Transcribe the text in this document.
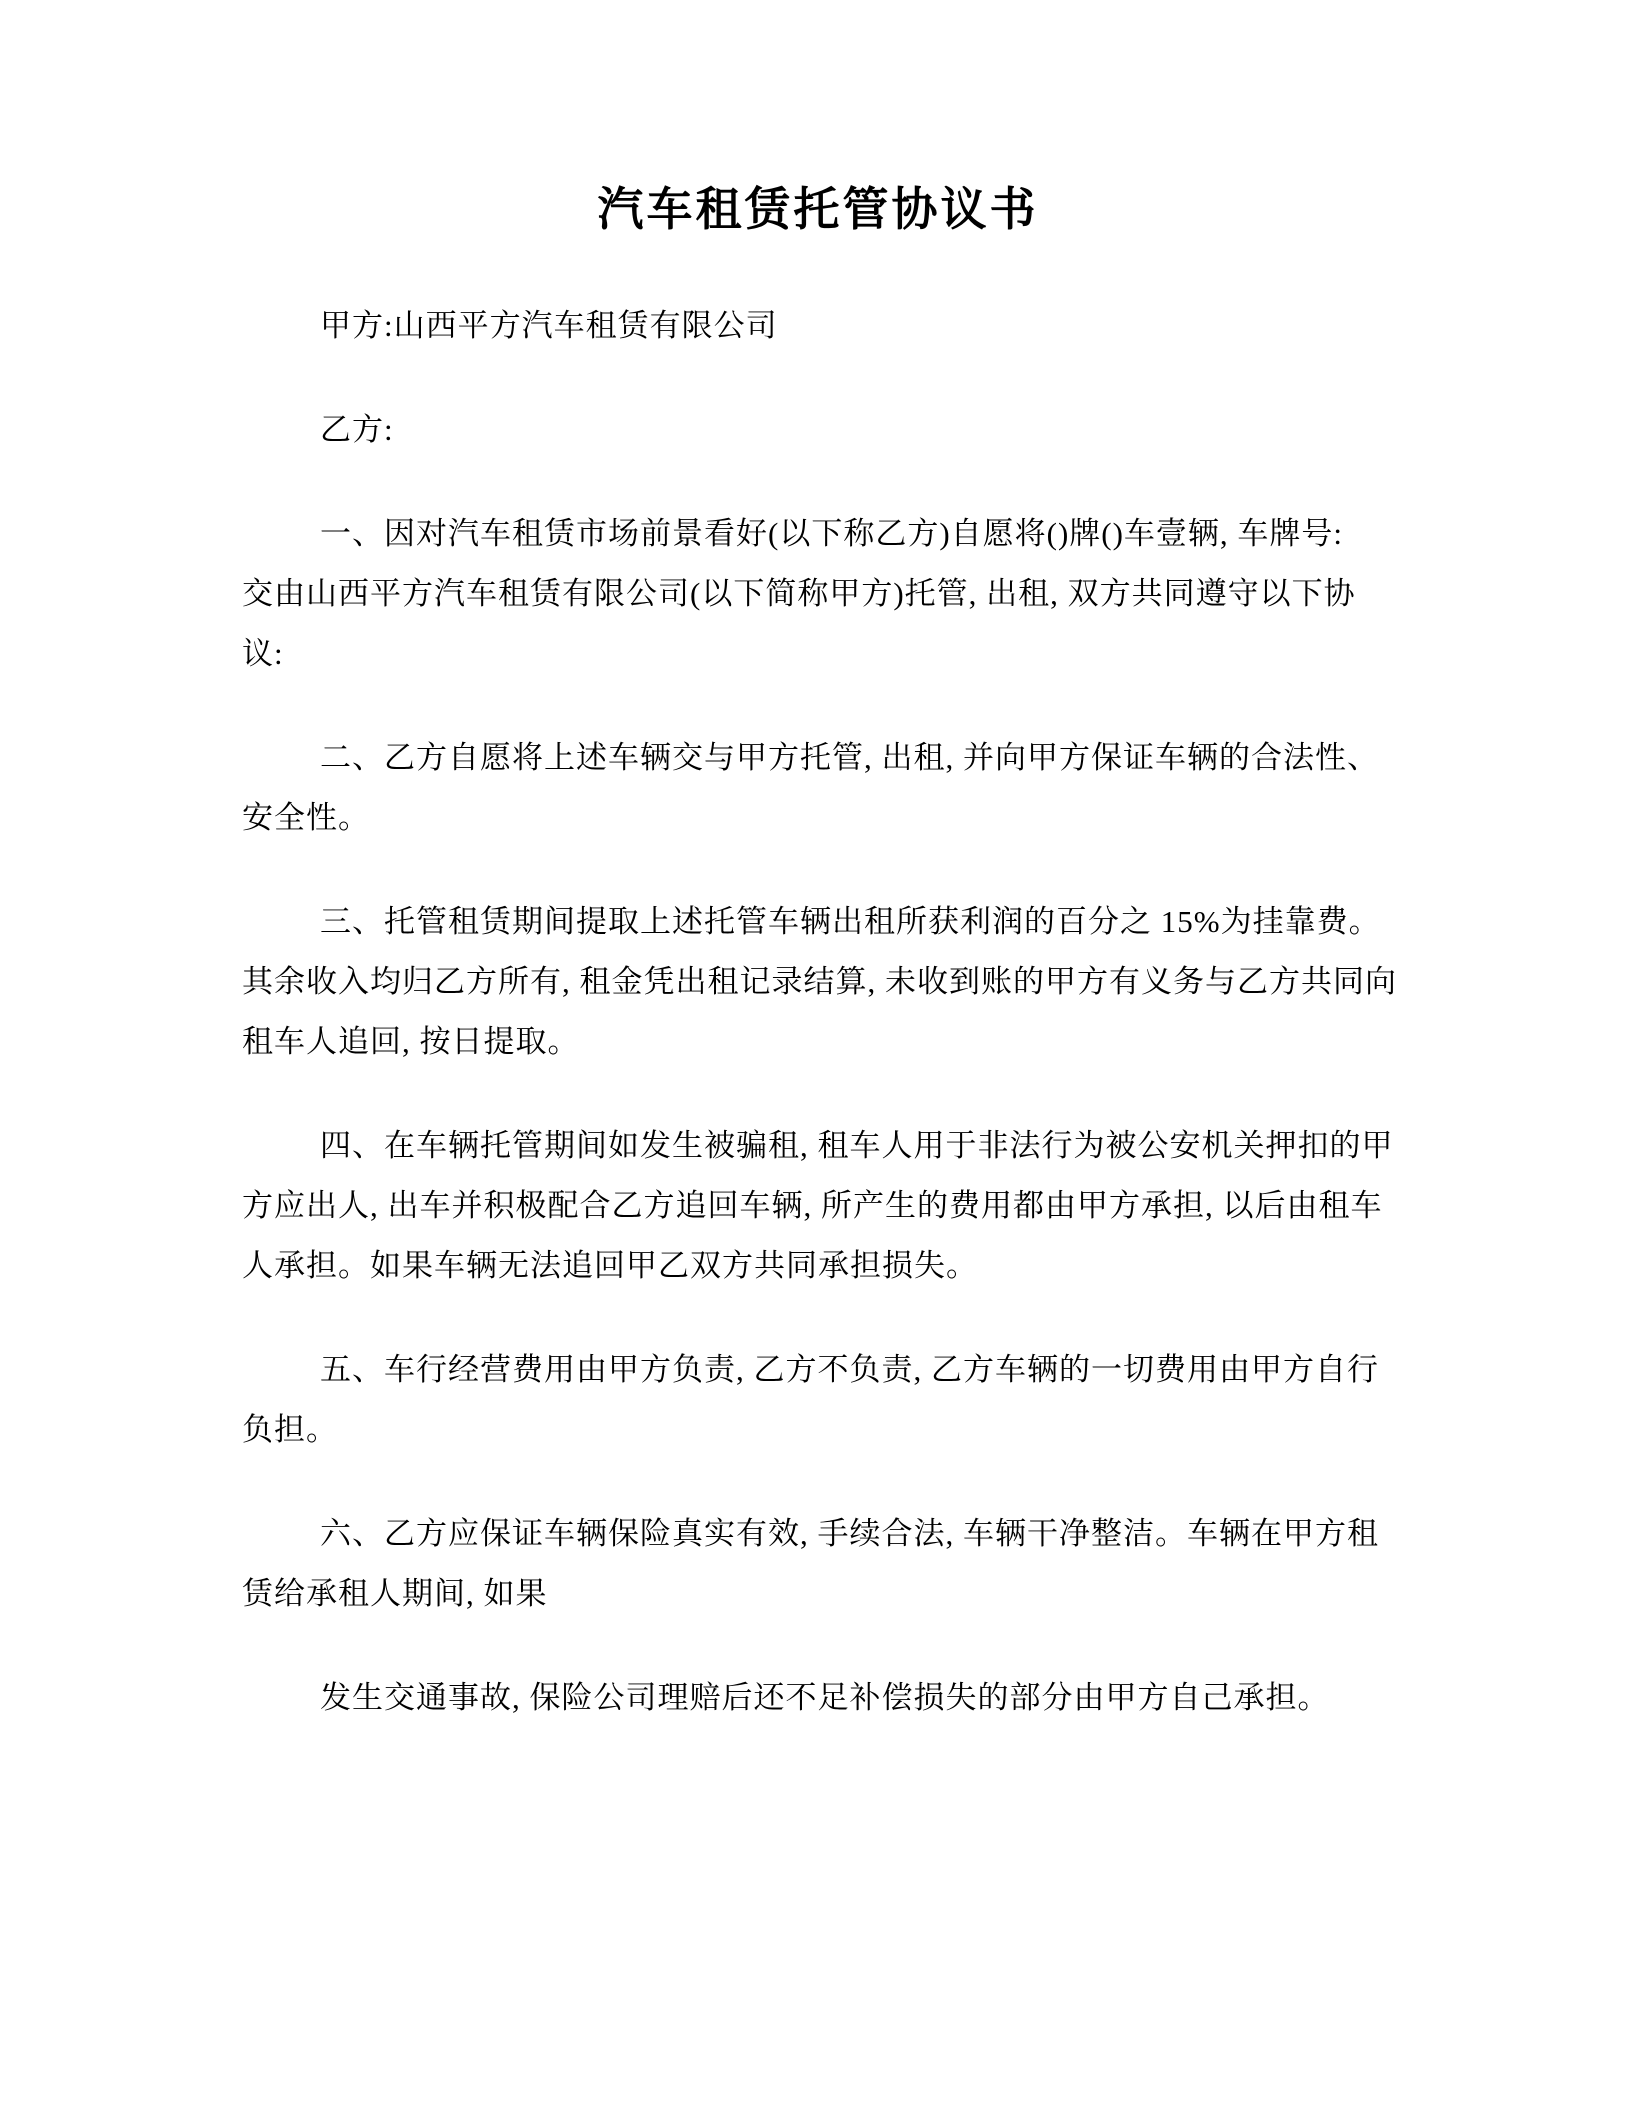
汽车租赁托管协议书
甲方:山西平方汽车租赁有限公司
乙方:
一、因对汽车租赁市场前景看好(以下称乙方)自愿将()牌()车壹辆, 车牌号:
交由山西平方汽车租赁有限公司(以下简称甲方)托管, 出租, 双方共同遵守以下协
议:
二、乙方自愿将上述车辆交与甲方托管, 出租, 并向甲方保证车辆的合法性、
安全性。
三、托管租赁期间提取上述托管车辆出租所获利润的百分之 15%为挂靠费。
其余收入均归乙方所有, 租金凭出租记录结算, 未收到账的甲方有义务与乙方共同向
租车人追回, 按日提取。
四、在车辆托管期间如发生被骗租, 租车人用于非法行为被公安机关押扣的甲
方应出人, 出车并积极配合乙方追回车辆, 所产生的费用都由甲方承担, 以后由租车
人承担。如果车辆无法追回甲乙双方共同承担损失。
五、车行经营费用由甲方负责, 乙方不负责, 乙方车辆的一切费用由甲方自行
负担。
六、乙方应保证车辆保险真实有效, 手续合法, 车辆干净整洁。车辆在甲方租
赁给承租人期间, 如果
发生交通事故, 保险公司理赔后还不足补偿损失的部分由甲方自己承担。
